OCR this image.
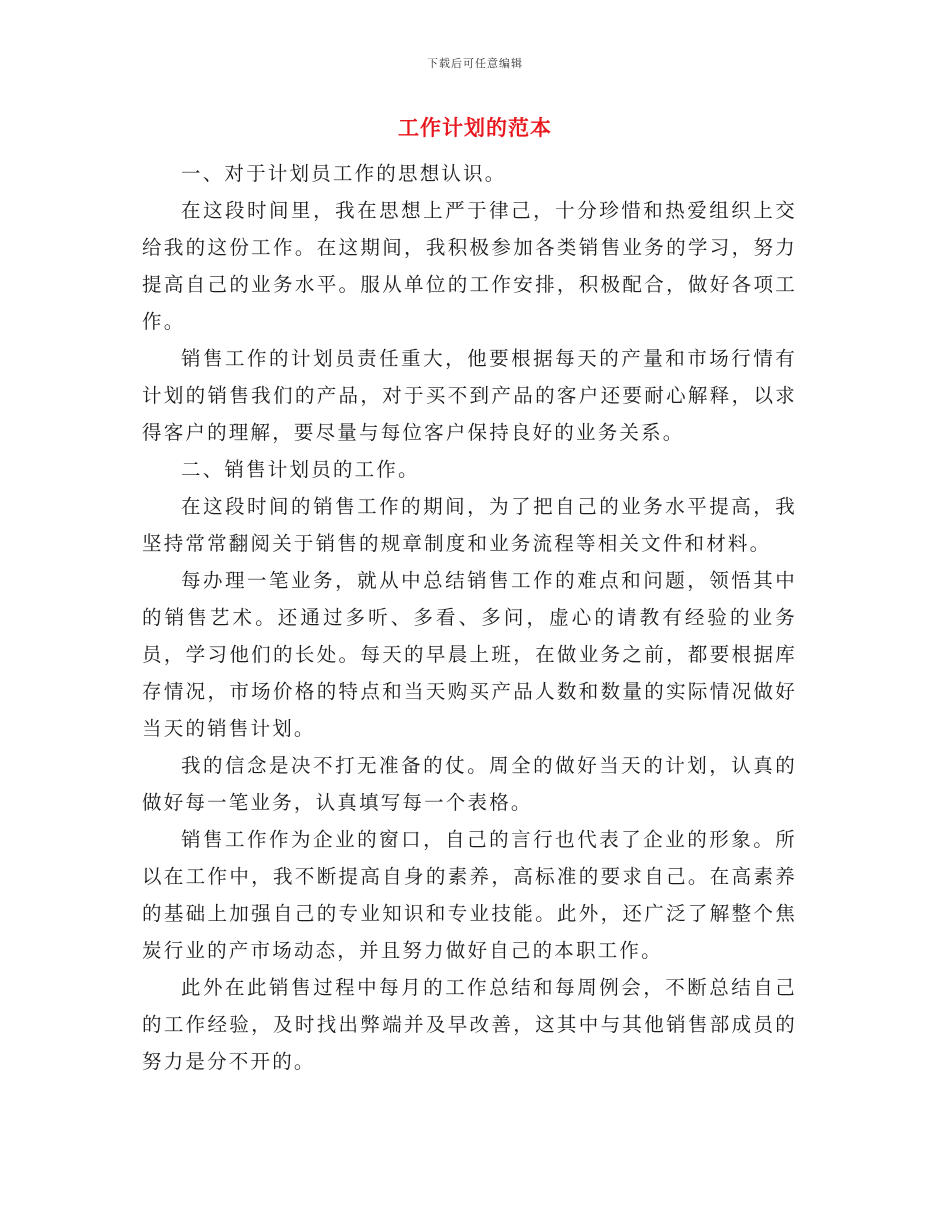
下载后可任意编辑
工作计划的范本

一、对于计划员工作的思想认识。

在这段时间里，我在思想上严于律己，十分珍惜和热爱组织上交给我的这份工作。在这期间，我积极参加各类销售业务的学习，努力提高自己的业务水平。服从单位的工作安排，积极配合，做好各项工作。

销售工作的计划员责任重大，他要根据每天的产量和市场行情有计划的销售我们的产品，对于买不到产品的客户还要耐心解释，以求得客户的理解，要尽量与每位客户保持良好的业务关系。

二、销售计划员的工作。

在这段时间的销售工作的期间，为了把自己的业务水平提高，我坚持常常翻阅关于销售的规章制度和业务流程等相关文件和材料。

每办理一笔业务，就从中总结销售工作的难点和问题，领悟其中的销售艺术。还通过多听、多看、多问，虚心的请教有经验的业务员，学习他们的长处。每天的早晨上班，在做业务之前，都要根据库存情况，市场价格的特点和当天购买产品人数和数量的实际情况做好当天的销售计划。

我的信念是决不打无准备的仗。周全的做好当天的计划，认真的做好每一笔业务，认真填写每一个表格。

销售工作作为企业的窗口，自己的言行也代表了企业的形象。所以在工作中，我不断提高自身的素养，高标准的要求自己。在高素养的基础上加强自己的专业知识和专业技能。此外，还广泛了解整个焦炭行业的产市场动态，并且努力做好自己的本职工作。

此外在此销售过程中每月的工作总结和每周例会，不断总结自己的工作经验，及时找出弊端并及早改善，这其中与其他销售部成员的努力是分不开的。
